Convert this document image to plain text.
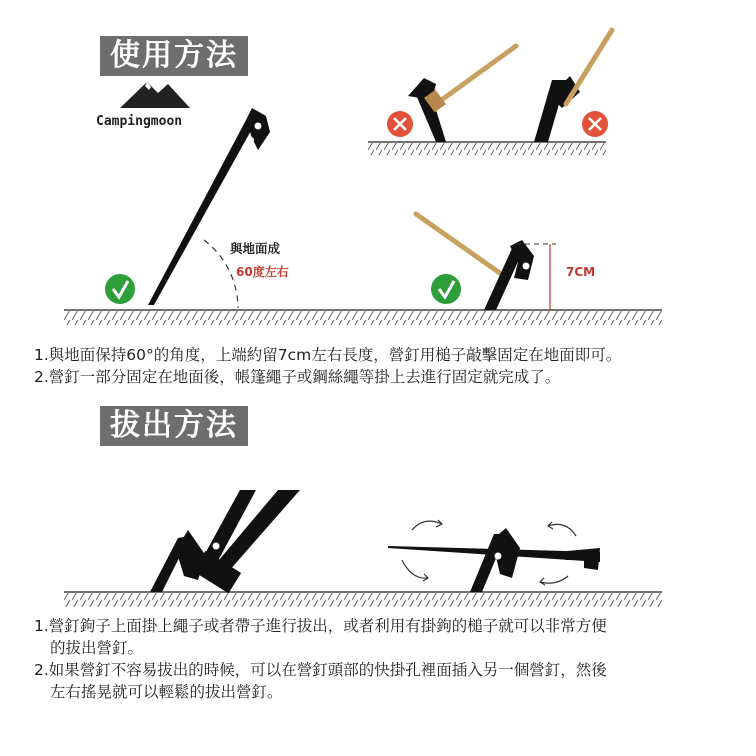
使用方法
拔出方法
Campingmoon
與地面成
60度左右	7CM

1.與地面保持60°的角度，上端約留7cm左右長度，營釘用槌子敲擊固定在地面即可。

2.營釘一部分固定在地面後，帳篷繩子或鋼絲繩等掛上去進行固定就完成了。

1.營釘鉤子上面掛上繩子或者帶子進行拔出，或者利用有掛鉤的槌子就可以非常方便

的拔出營釘。

2.如果營釘不容易拔出的時候，可以在營釘頭部的快掛孔裡面插入另一個營釘，然後

左右搖晃就可以輕鬆的拔出營釘。
